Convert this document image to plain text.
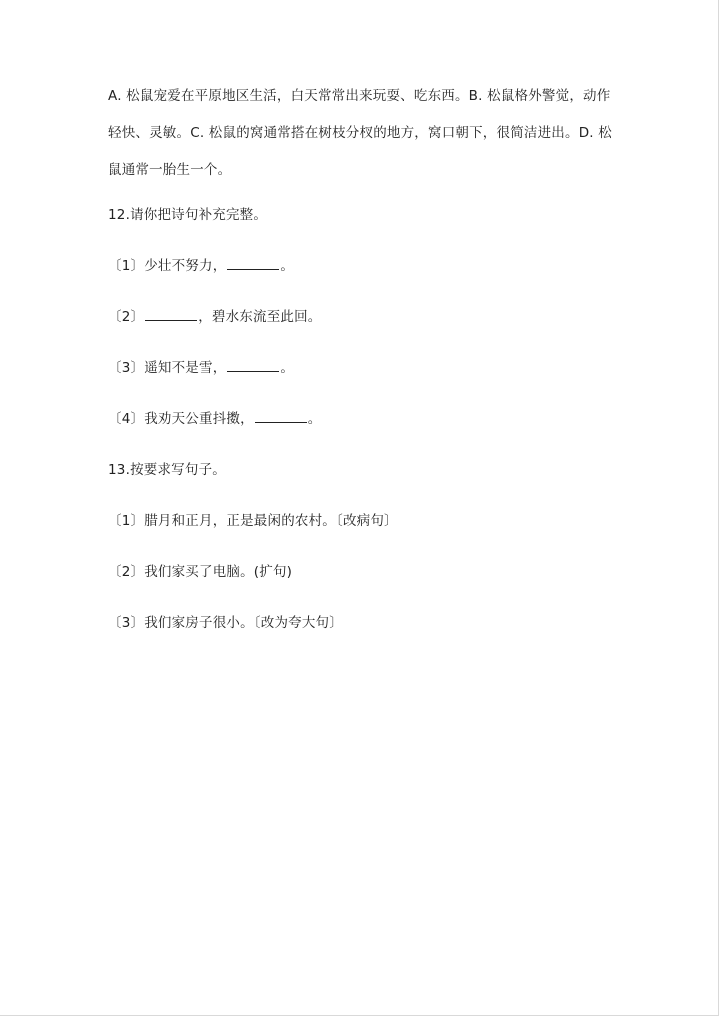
A. 松鼠宠爱在平原地区生活，白天常常出来玩耍、吃东西。B. 松鼠格外警觉，动作轻快、灵敏。C. 松鼠的窝通常搭在树枝分杈的地方，窝口朝下，很简洁进出。D. 松鼠通常一胎生一个。

12.请你把诗句补充完整。
〔1〕少壮不努力，	。
〔2〕	，碧水东流至此回。
〔3〕遥知不是雪，	。
〔4〕我劝天公重抖擞，	。
13.按要求写句子。
〔1〕腊月和正月，正是最闲的农村。〔改病句〕
〔2〕我们家买了电脑。(扩句)
〔3〕我们家房子很小。〔改为夸大句〕
